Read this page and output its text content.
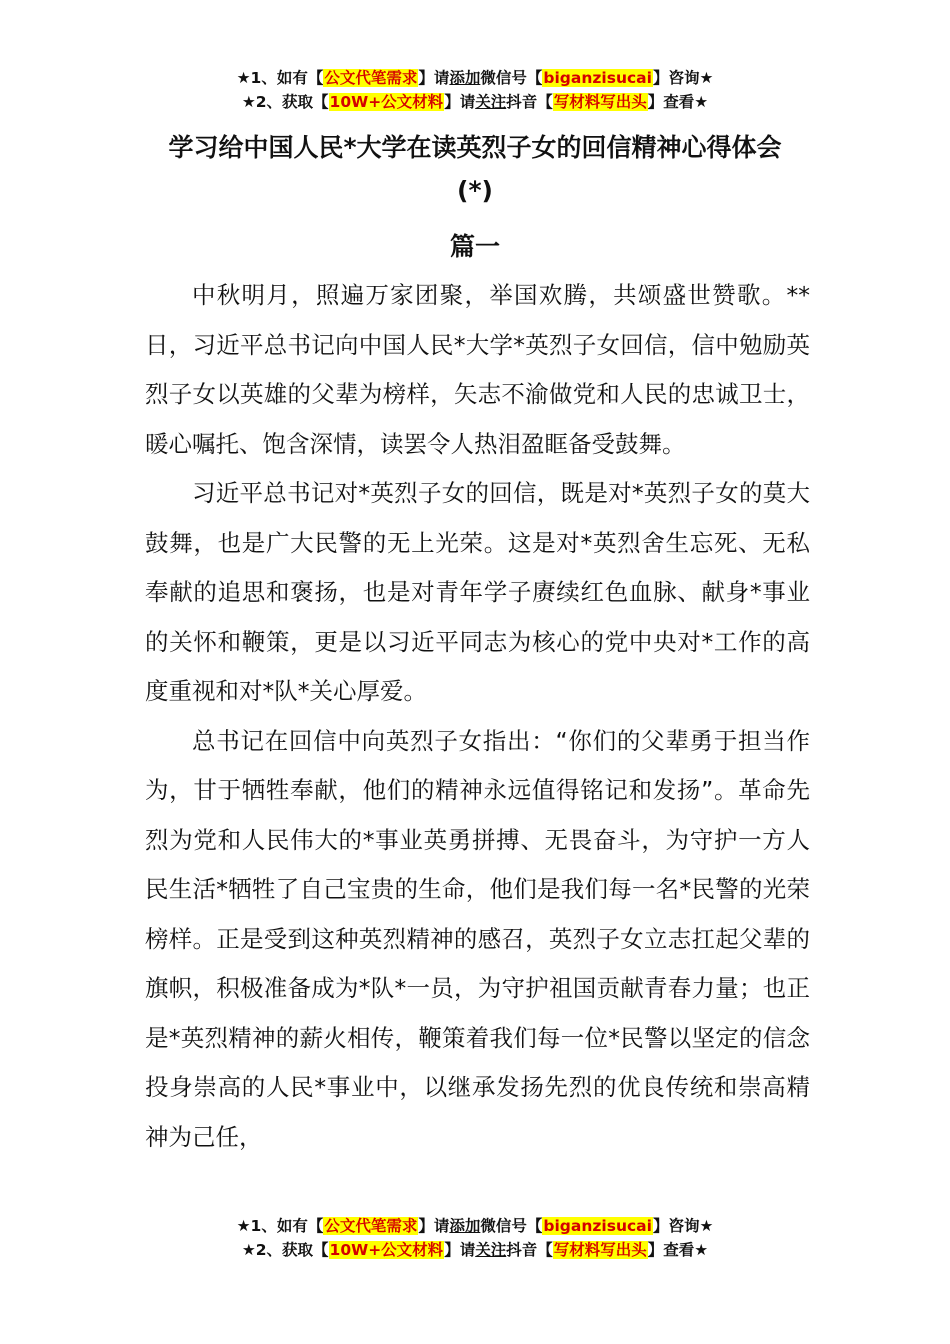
★1、如有【公文代笔需求】请添加微信号【biganzisucai】咨询★
★2、获取【10W+公文材料】请关注抖音【写材料写出头】查看★
学习给中国人民*大学在读英烈子女的回信精神心得体会
(*)
篇一

中秋明月，照遍万家团聚，举国欢腾，共颂盛世赞歌。**日，习近平总书记向中国人民*大学*英烈子女回信，信中勉励英烈子女以英雄的父辈为榜样，矢志不渝做党和人民的忠诚卫士，暖心嘱托、饱含深情，读罢令人热泪盈眶备受鼓舞。

习近平总书记对*英烈子女的回信，既是对*英烈子女的莫大鼓舞，也是广大民警的无上光荣。这是对*英烈舍生忘死、无私奉献的追思和褒扬，也是对青年学子赓续红色血脉、献身*事业的关怀和鞭策，更是以习近平同志为核心的党中央对*工作的高度重视和对*队*关心厚爱。

总书记在回信中向英烈子女指出：“你们的父辈勇于担当作为，甘于牺牲奉献，他们的精神永远值得铭记和发扬”。革命先烈为党和人民伟大的*事业英勇拼搏、无畏奋斗，为守护一方人民生活*牺牲了自己宝贵的生命，他们是我们每一名*民警的光荣榜样。正是受到这种英烈精神的感召，英烈子女立志扛起父辈的旗帜，积极准备成为*队*一员，为守护祖国贡献青春力量；也正是*英烈精神的薪火相传，鞭策着我们每一位*民警以坚定的信念投身崇高的人民*事业中，以继承发扬先烈的优良传统和崇高精神为己任，

★1、如有【公文代笔需求】请添加微信号【biganzisucai】咨询★
★2、获取【10W+公文材料】请关注抖音【写材料写出头】查看★
